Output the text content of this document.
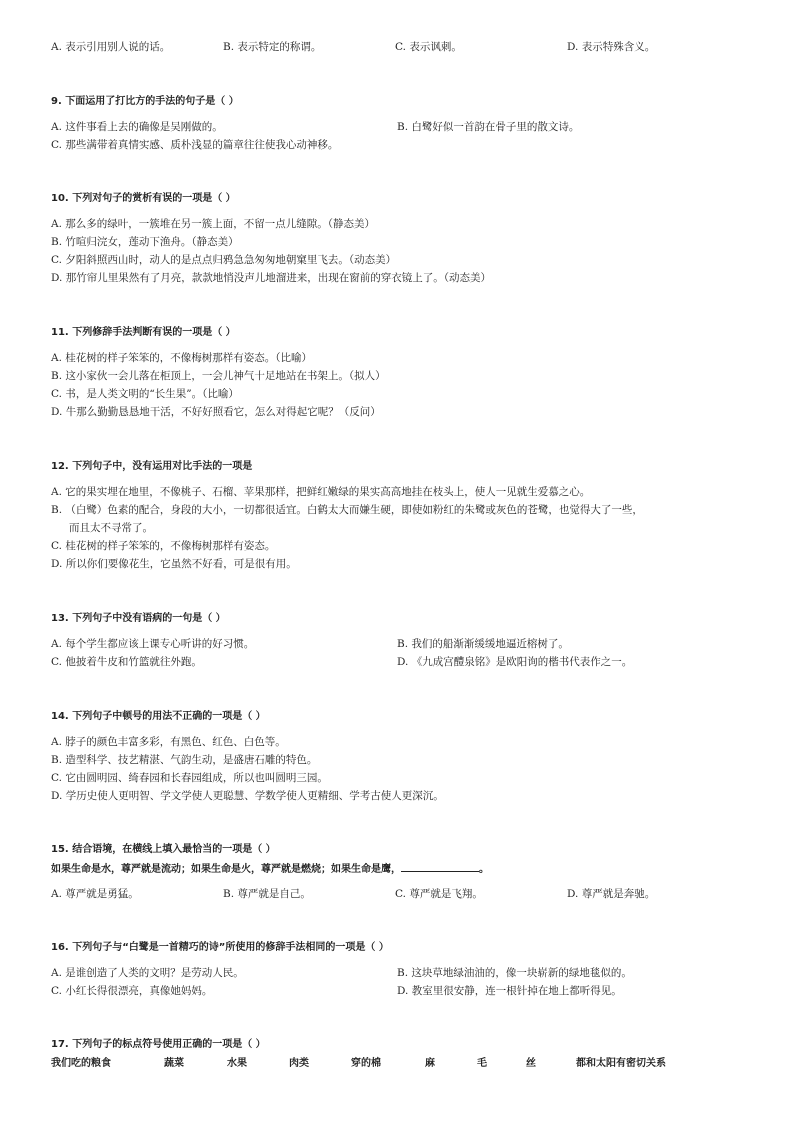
A. 表示引用别人说的话。	B. 表示特定的称谓。	C. 表示讽刺。	D. 表示特殊含义。
9. 下面运用了打比方的手法的句子是（ ）
A. 这件事看上去的确像是吴刚做的。	B. 白鹭好似一首韵在骨子里的散文诗。
C. 那些满带着真情实感、质朴浅显的篇章往往使我心动神移。
10. 下列对句子的赏析有误的一项是（ ）
A. 那么多的绿叶，一簇堆在另一簇上面，不留一点儿缝隙。（静态美）
B. 竹喧归浣女，莲动下渔舟。（静态美）
C. 夕阳斜照西山时，动人的是点点归鸦急急匆匆地朝窠里飞去。（动态美）
D. 那竹帘儿里果然有了月亮，款款地悄没声儿地溜进来，出现在窗前的穿衣镜上了。（动态美）
11. 下列修辞手法判断有误的一项是（ ）
A. 桂花树的样子笨笨的，不像梅树那样有姿态。（比喻）
B. 这小家伙一会儿落在柜顶上，一会儿神气十足地站在书架上。（拟人）
C. 书，是人类文明的“长生果”。（比喻）
D. 牛那么勤勤恳恳地干活，不好好照看它，怎么对得起它呢？（反问）
12. 下列句子中，没有运用对比手法的一项是
A. 它的果实埋在地里，不像桃子、石榴、苹果那样，把鲜红嫩绿的果实高高地挂在枝头上，使人一见就生爱慕之心。
B. （白鹭）色素的配合，身段的大小，一切都很适宜。白鹤太大而嫌生硬，即使如粉红的朱鹭或灰色的苍鹭，也觉得大了一些，
而且太不寻常了。
C. 桂花树的样子笨笨的，不像梅树那样有姿态。
D. 所以你们要像花生，它虽然不好看，可是很有用。
13. 下列句子中没有语病的一句是（ ）
A. 每个学生都应该上课专心听讲的好习惯。	B. 我们的船渐渐缓缓地逼近榕树了。
C. 他披着牛皮和竹篮就往外跑。	D. 《九成宫醴泉铭》是欧阳询的楷书代表作之一。
14. 下列句子中顿号的用法不正确的一项是（ ）
A. 脖子的颜色丰富多彩，有黑色、红色、白色等。
B. 造型科学、技艺精湛、气韵生动，是盛唐石雕的特色。
C. 它由圆明园、绮春园和长春园组成，所以也叫圆明三园。
D. 学历史使人更明智、学文学使人更聪慧、学数学使人更精细、学考古使人更深沉。
15. 结合语境，在横线上填入最恰当的一项是（ ）
如果生命是水，尊严就是流动；如果生命是火，尊严就是燃烧；如果生命是鹰，	。
A. 尊严就是勇猛。	B. 尊严就是自己。	C. 尊严就是飞翔。	D. 尊严就是奔驰。
16. 下列句子与“白鹭是一首精巧的诗”所使用的修辞手法相同的一项是（ ）
A. 是谁创造了人类的文明？是劳动人民。	B. 这块草地绿油油的，像一块崭新的绿地毯似的。
C. 小红长得很漂亮，真像她妈妈。	D. 教室里很安静，连一根针掉在地上都听得见。
17. 下列句子的标点符号使用正确的一项是（ ）
我们吃的粮食	蔬菜	水果	肉类	穿的棉	麻	毛	丝	都和太阳有密切关系
